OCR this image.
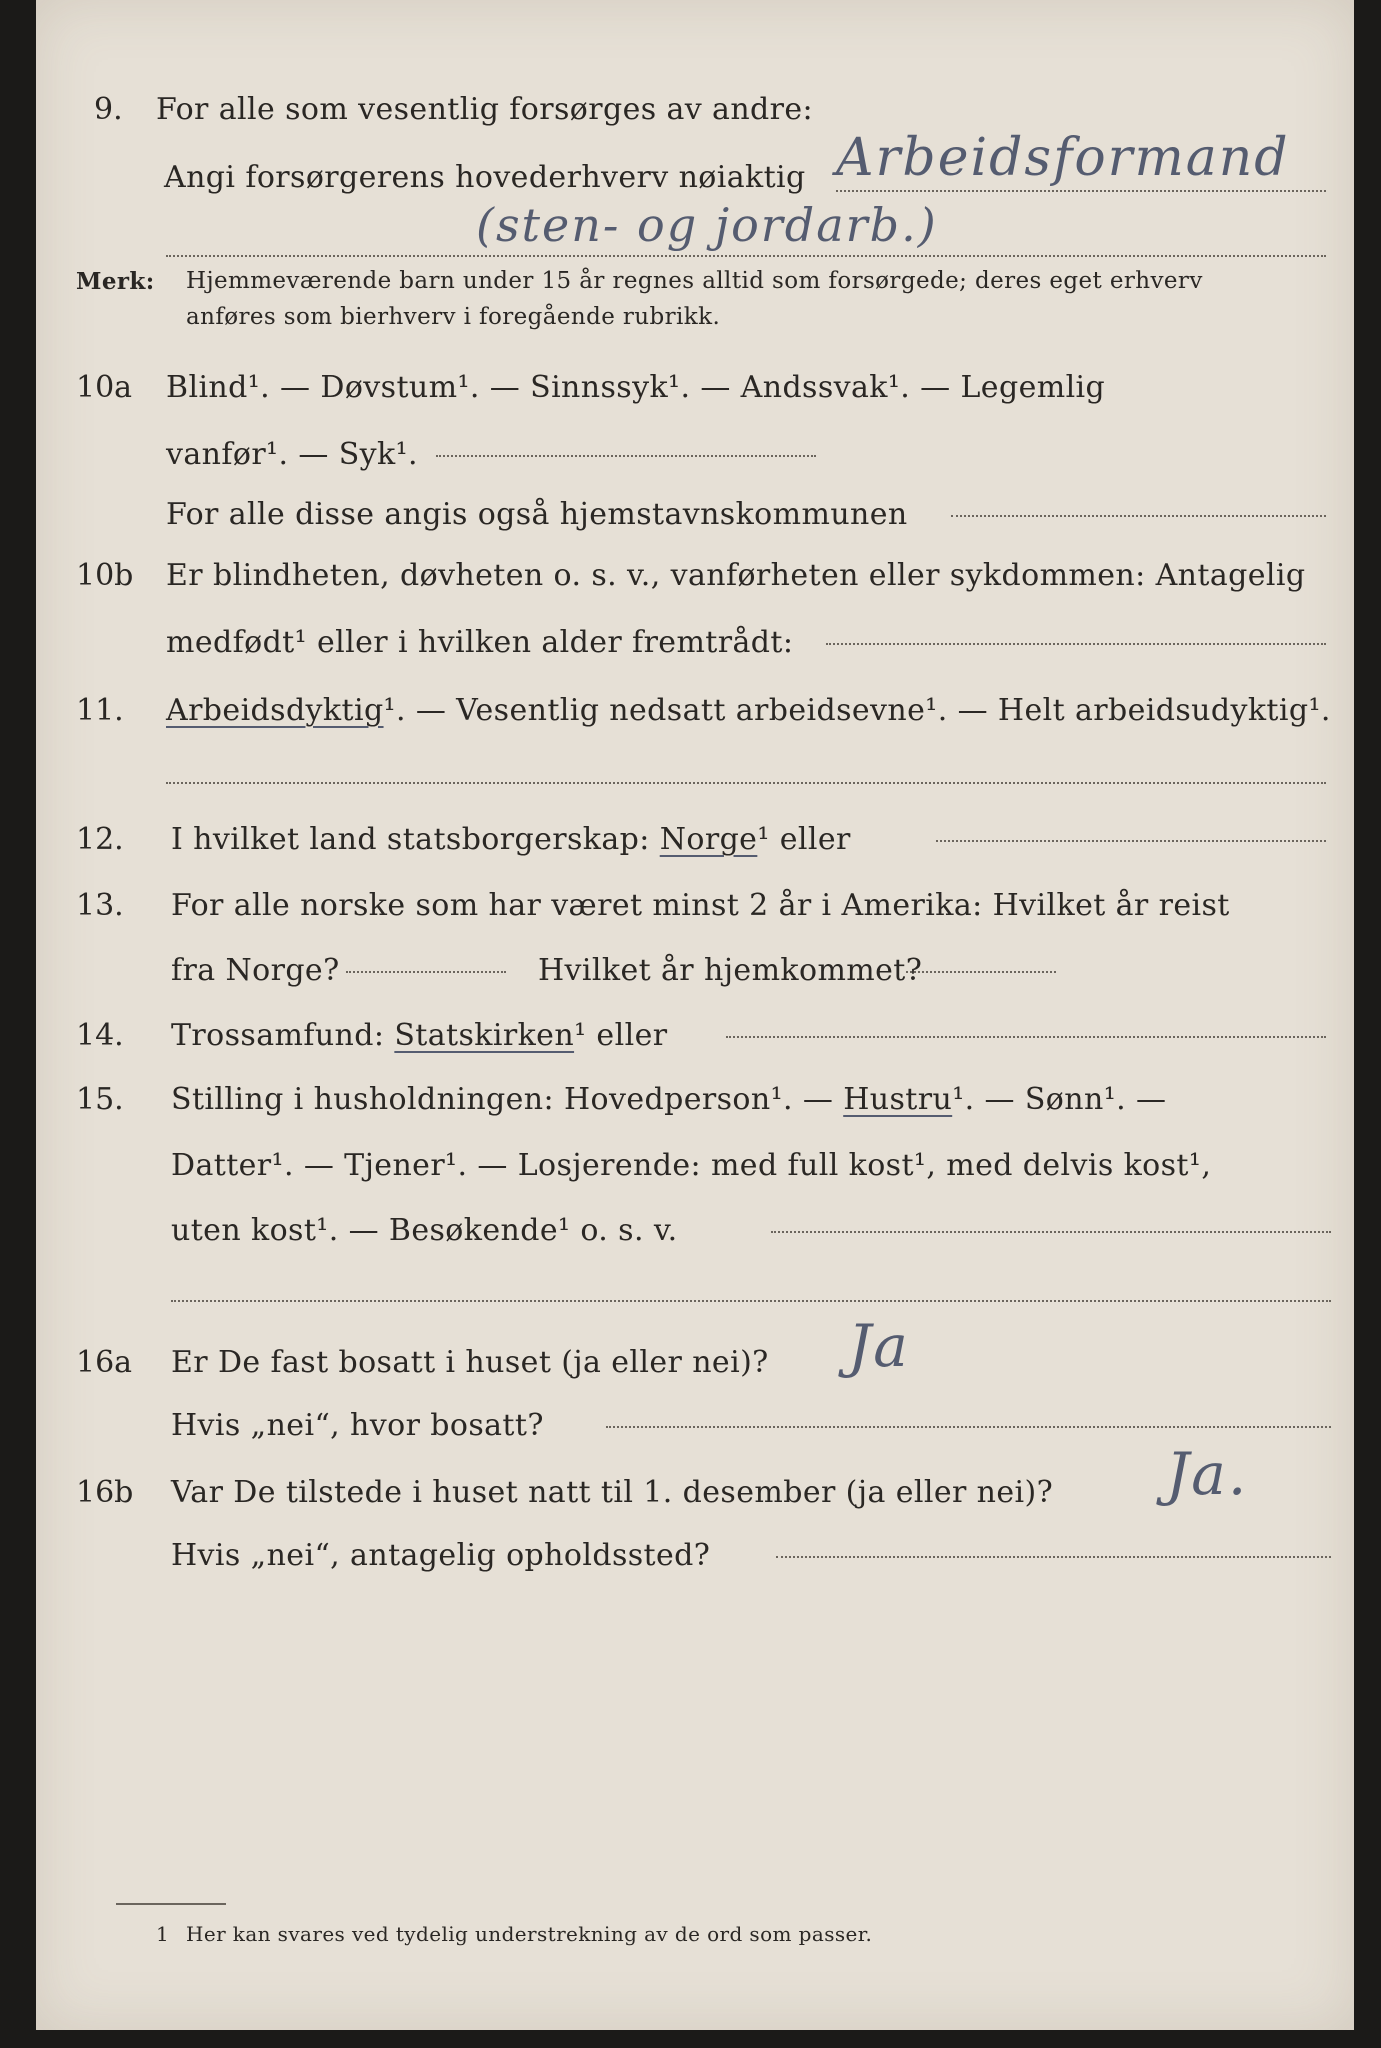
9. For alle som vesentlig forsørges av andre:
Angi forsørgerens hovederhverv nøiaktig Arbeidsformand
(sten- og jordarb.)
Merk: Hjemmeværende barn under 15 år regnes alltid som forsørgede; deres eget erhverv
anføres som bierhverv i foregående rubrikk.
10a Blind¹. — Døvstum¹. — Sinnssyk¹. — Andssvak¹. — Legemlig
vanfør¹. — Syk¹.
For alle disse angis også hjemstavnskommunen
10b Er blindheten, døvheten o. s. v., vanførheten eller sykdommen: Antagelig
medfødt¹ eller i hvilken alder fremtrådt:
11. Arbeidsdyktig¹. — Vesentlig nedsatt arbeidsevne¹. — Helt arbeidsudyktig¹.
12. I hvilket land statsborgerskap: Norge¹ eller
13. For alle norske som har været minst 2 år i Amerika: Hvilket år reist
fra Norge?	Hvilket år hjemkommet?
14. Trossamfund: Statskirken¹ eller
15. Stilling i husholdningen: Hovedperson¹. — Hustru¹. — Sønn¹. —
Datter¹. — Tjener¹. — Losjerende: med full kost¹, med delvis kost¹,
uten kost¹. — Besøkende¹ o. s. v.
16a Er De fast bosatt i huset (ja eller nei)? Ja
Hvis „nei“, hvor bosatt?
16b Var De tilstede i huset natt til 1. desember (ja eller nei)? Ja.
Hvis „nei“, antagelig opholdssted?
1 Her kan svares ved tydelig understrekning av de ord som passer.
